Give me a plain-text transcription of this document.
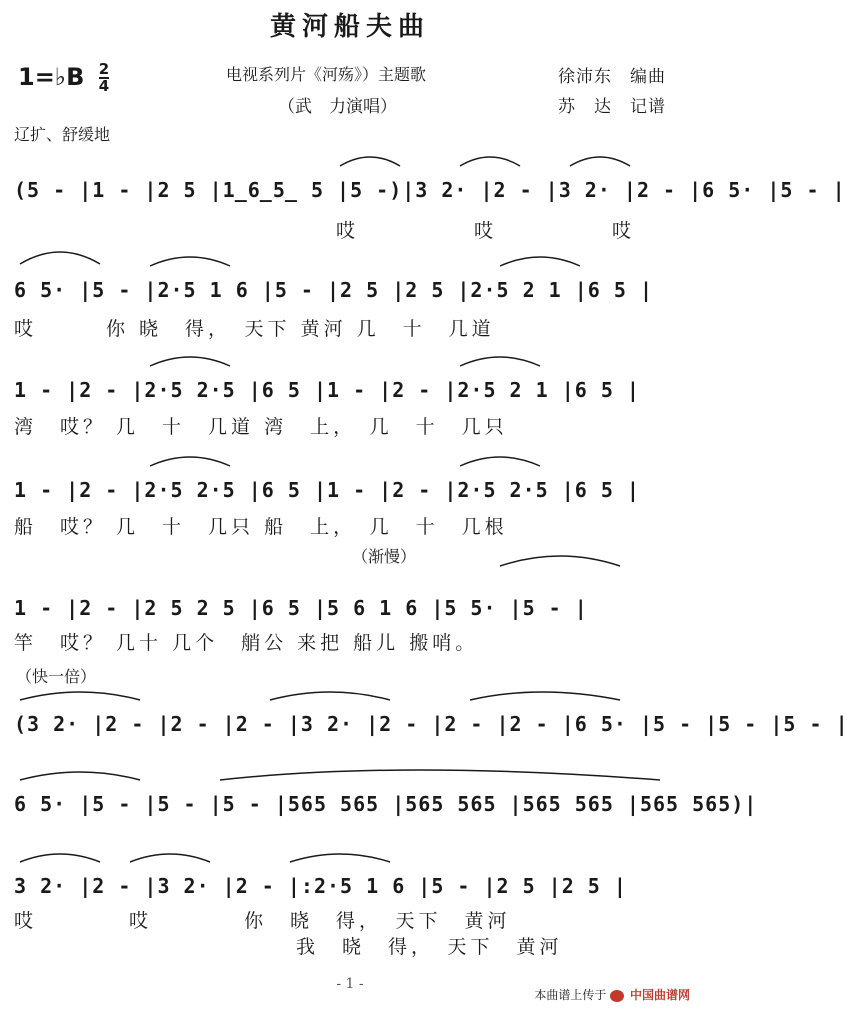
黄河船夫曲
1=♭B $\frac{2}{4}$	电视系列片《河殇》）主题歌
（武　力演唱）
徐沛东　编曲
苏　达　记谱
辽扩、舒缓地
(5 - |1 - |2 5 |1̲6̲5̲ 5 |5 -)|3 2· |2 - |3 2· |2 - |6 5· |5 - |
　　　　　　　　　　　　　　哎　　　　　哎　　　　　哎
6 5· |5 - |2·5 1 6 |5 - |2 5 |2 5 |2·5 2 1 |6 5 |
哎　　　你 晓　得，　天下 黄河 几　十　几道
1 - |2 - |2·5 2·5 |6 5 |1 - |2 - |2·5 2 1 |6 5 |
湾　哎？ 几　十　几道 湾　上，　几　十　几只
1 - |2 - |2·5 2·5 |6 5 |1 - |2 - |2·5 2·5 |6 5 |
船　哎？ 几　十　几只 船　上，　几　十　几根
（渐慢）
1 - |2 - |2 5 2 5 |6 5 |5 6 1 6 |5 5· |5 - |
竿　哎？ 几十 几个　艄公 来把 船儿 搬哨。
（快一倍）
(3 2· |2 - |2 - |2 - |3 2· |2 - |2 - |2 - |6 5· |5 - |5 - |5 - |
6 5· |5 - |5 - |5 - |565 565 |565 565 |565 565 |565 565)|
3 2· |2 - |3 2· |2 - |:2·5 1 6 |5 - |2 5 |2 5 |
哎　　　　哎　　　　你　晓　得，　天下　黄河
我　晓　得，　天下　黄河
- 1 -
本曲谱上传于 中国曲谱网
